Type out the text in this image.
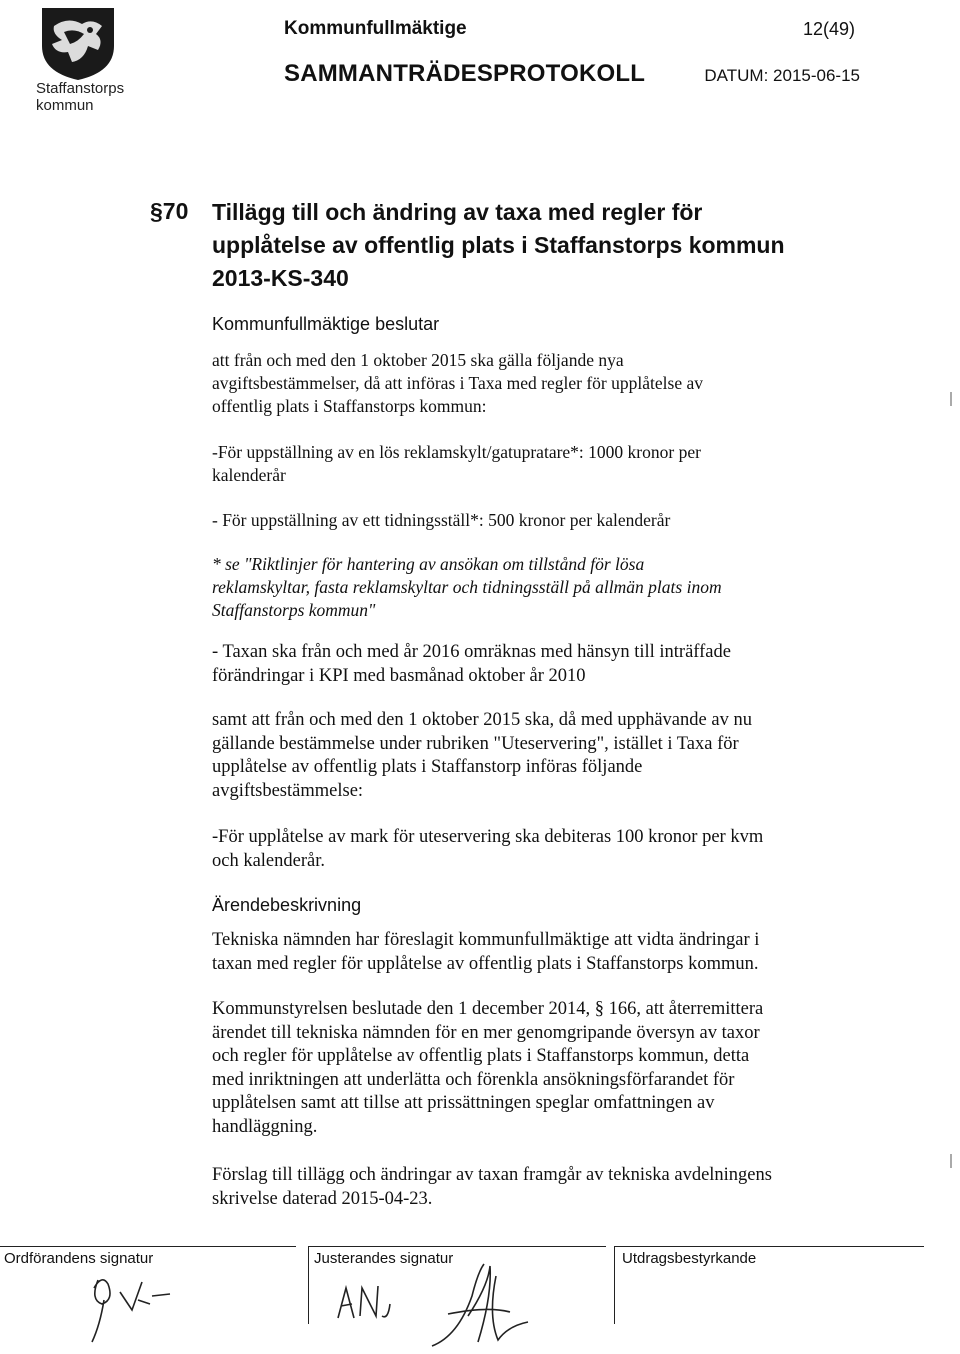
Staffanstorps
kommun
Kommunfullmäktige	12(49)
SAMMANTRÄDESPROTOKOLL	DATUM: 2015-06-15
§70 Tillägg till och ändring av taxa med regler för
upplåtelse av offentlig plats i Staffanstorps kommun
2013-KS-340
Kommunfullmäktige beslutar
att från och med den 1 oktober 2015 ska gälla följande nya
avgiftsbestämmelser, då att införas i Taxa med regler för upplåtelse av
offentlig plats i Staffanstorps kommun:
-För uppställning av en lös reklamskylt/gatupratare*: 1000 kronor per
kalenderår
- För uppställning av ett tidningsställ*: 500 kronor per kalenderår
* se "Riktlinjer för hantering av ansökan om tillstånd för lösa
reklamskyltar, fasta reklamskyltar och tidningsställ på allmän plats inom
Staffanstorps kommun"
- Taxan ska från och med år 2016 omräknas med hänsyn till inträffade
förändringar i KPI med basmånad oktober år 2010
samt att från och med den 1 oktober 2015 ska, då med upphävande av nu
gällande bestämmelse under rubriken "Uteservering", istället i Taxa för
upplåtelse av offentlig plats i Staffanstorp införas följande
avgiftsbestämmelse:
-För upplåtelse av mark för uteservering ska debiteras 100 kronor per kvm
och kalenderår.
Ärendebeskrivning
Tekniska nämnden har föreslagit kommunfullmäktige att vidta ändringar i
taxan med regler för upplåtelse av offentlig plats i Staffanstorps kommun.
Kommunstyrelsen beslutade den 1 december 2014, § 166, att återremittera
ärendet till tekniska nämnden för en mer genomgripande översyn av taxor
och regler för upplåtelse av offentlig plats i Staffanstorps kommun, detta
med inriktningen att underlätta och förenkla ansökningsförfarandet för
upplåtelsen samt att tillse att prissättningen speglar omfattningen av
handläggning.
Förslag till tillägg och ändringar av taxan framgår av tekniska avdelningens
skrivelse daterad 2015-04-23.
Ordförandens signatur	Justerandes signatur	Utdragsbestyrkande
